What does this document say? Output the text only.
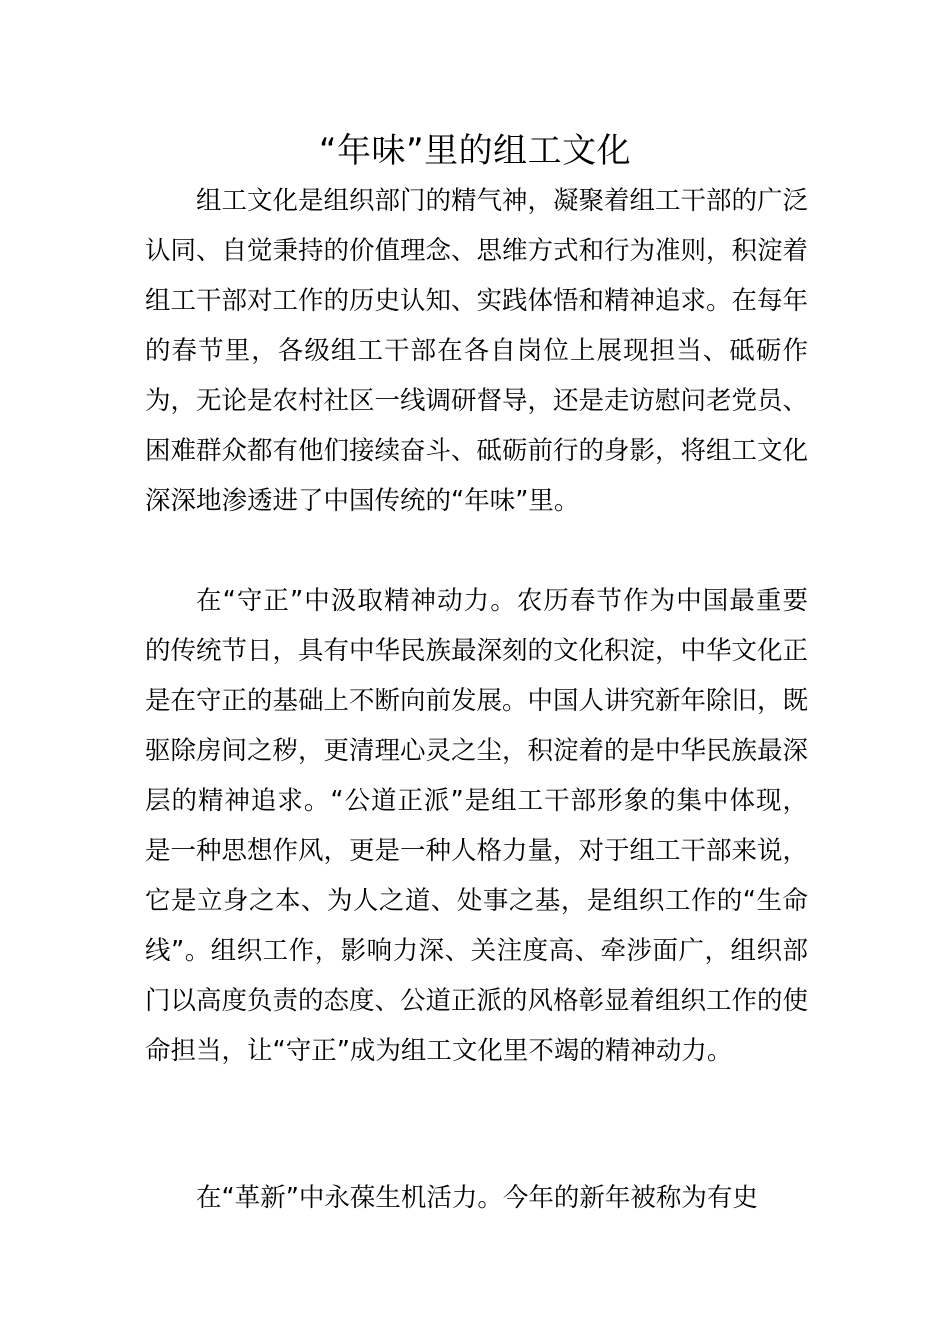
“年味”里的组工文化

组工文化是组织部门的精气神，凝聚着组工干部的广泛认同、自觉秉持的价值理念、思维方式和行为准则，积淀着组工干部对工作的历史认知、实践体悟和精神追求。在每年的春节里，各级组工干部在各自岗位上展现担当、砥砺作为，无论是农村社区一线调研督导，还是走访慰问老党员、困难群众都有他们接续奋斗、砥砺前行的身影，将组工文化深深地渗透进了中国传统的“年味”里。

在“守正”中汲取精神动力。农历春节作为中国最重要的传统节日，具有中华民族最深刻的文化积淀，中华文化正是在守正的基础上不断向前发展。中国人讲究新年除旧，既驱除房间之秽，更清理心灵之尘，积淀着的是中华民族最深层的精神追求。“公道正派”是组工干部形象的集中体现，是一种思想作风，更是一种人格力量，对于组工干部来说，它是立身之本、为人之道、处事之基，是组织工作的“生命线”。组织工作，影响力深、关注度高、牵涉面广，组织部门以高度负责的态度、公道正派的风格彰显着组织工作的使命担当，让“守正”成为组工文化里不竭的精神动力。

在“革新”中永葆生机活力。今年的新年被称为有史
